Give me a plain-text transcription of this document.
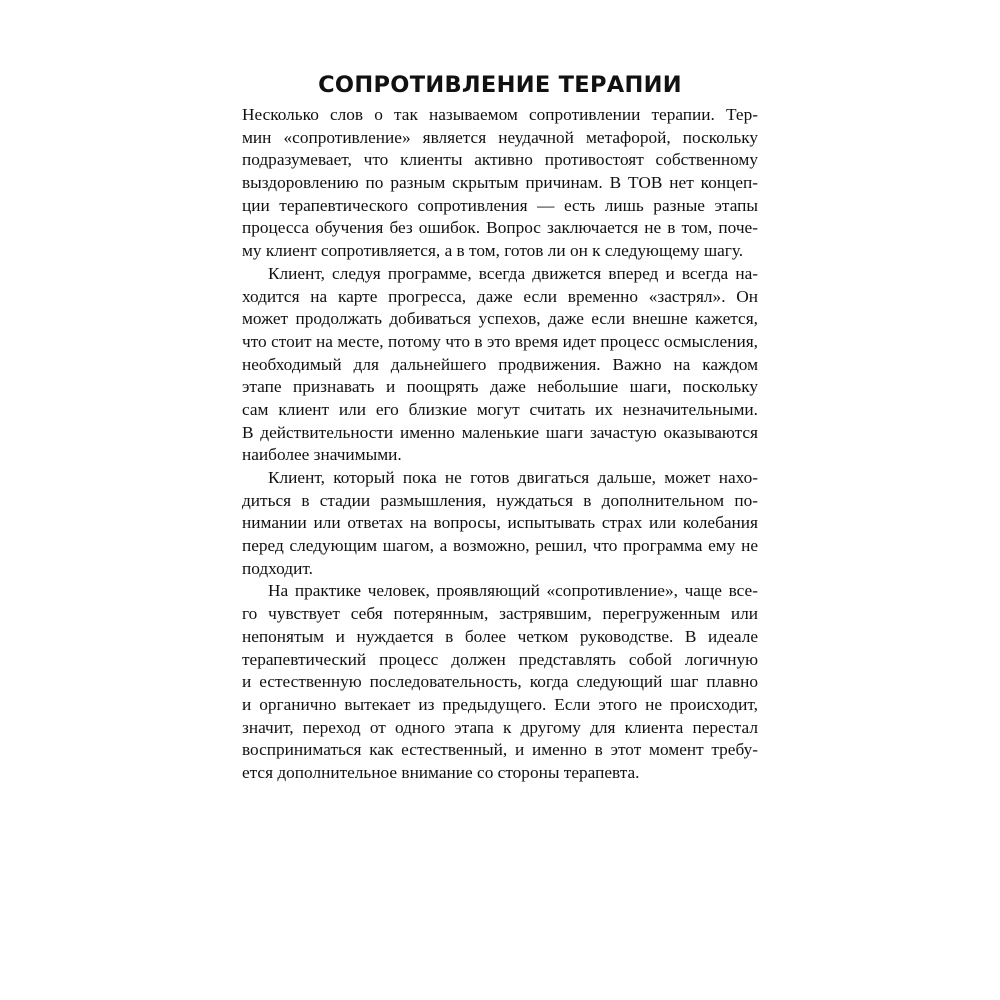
СОПРОТИВЛЕНИЕ ТЕРАПИИ
Несколько слов о так называемом сопротивлении терапии. Тер-
мин «сопротивление» является неудачной метафорой, поскольку
подразумевает, что клиенты активно противостоят собственному
выздоровлению по разным скрытым причинам. В ТОВ нет концеп-
ции терапевтического сопротивления — есть лишь разные этапы
процесса обучения без ошибок. Вопрос заключается не в том, поче-
му клиент сопротивляется, а в том, готов ли он к следующему шагу.
Клиент, следуя программе, всегда движется вперед и всегда на-
ходится на карте прогресса, даже если временно «застрял». Он
может продолжать добиваться успехов, даже если внешне кажется,
что стоит на месте, потому что в это время идет процесс осмысления,
необходимый для дальнейшего продвижения. Важно на каждом
этапе признавать и поощрять даже небольшие шаги, поскольку
сам клиент или его близкие могут считать их незначительными.
В действительности именно маленькие шаги зачастую оказываются
наиболее значимыми.
Клиент, который пока не готов двигаться дальше, может нахо-
диться в стадии размышления, нуждаться в дополнительном по-
нимании или ответах на вопросы, испытывать страх или колебания
перед следующим шагом, а возможно, решил, что программа ему не
подходит.
На практике человек, проявляющий «сопротивление», чаще все-
го чувствует себя потерянным, застрявшим, перегруженным или
непонятым и нуждается в более четком руководстве. В идеале
терапевтический процесс должен представлять собой логичную
и естественную последовательность, когда следующий шаг плавно
и органично вытекает из предыдущего. Если этого не происходит,
значит, переход от одного этапа к другому для клиента перестал
восприниматься как естественный, и именно в этот момент требу-
ется дополнительное внимание со стороны терапевта.
